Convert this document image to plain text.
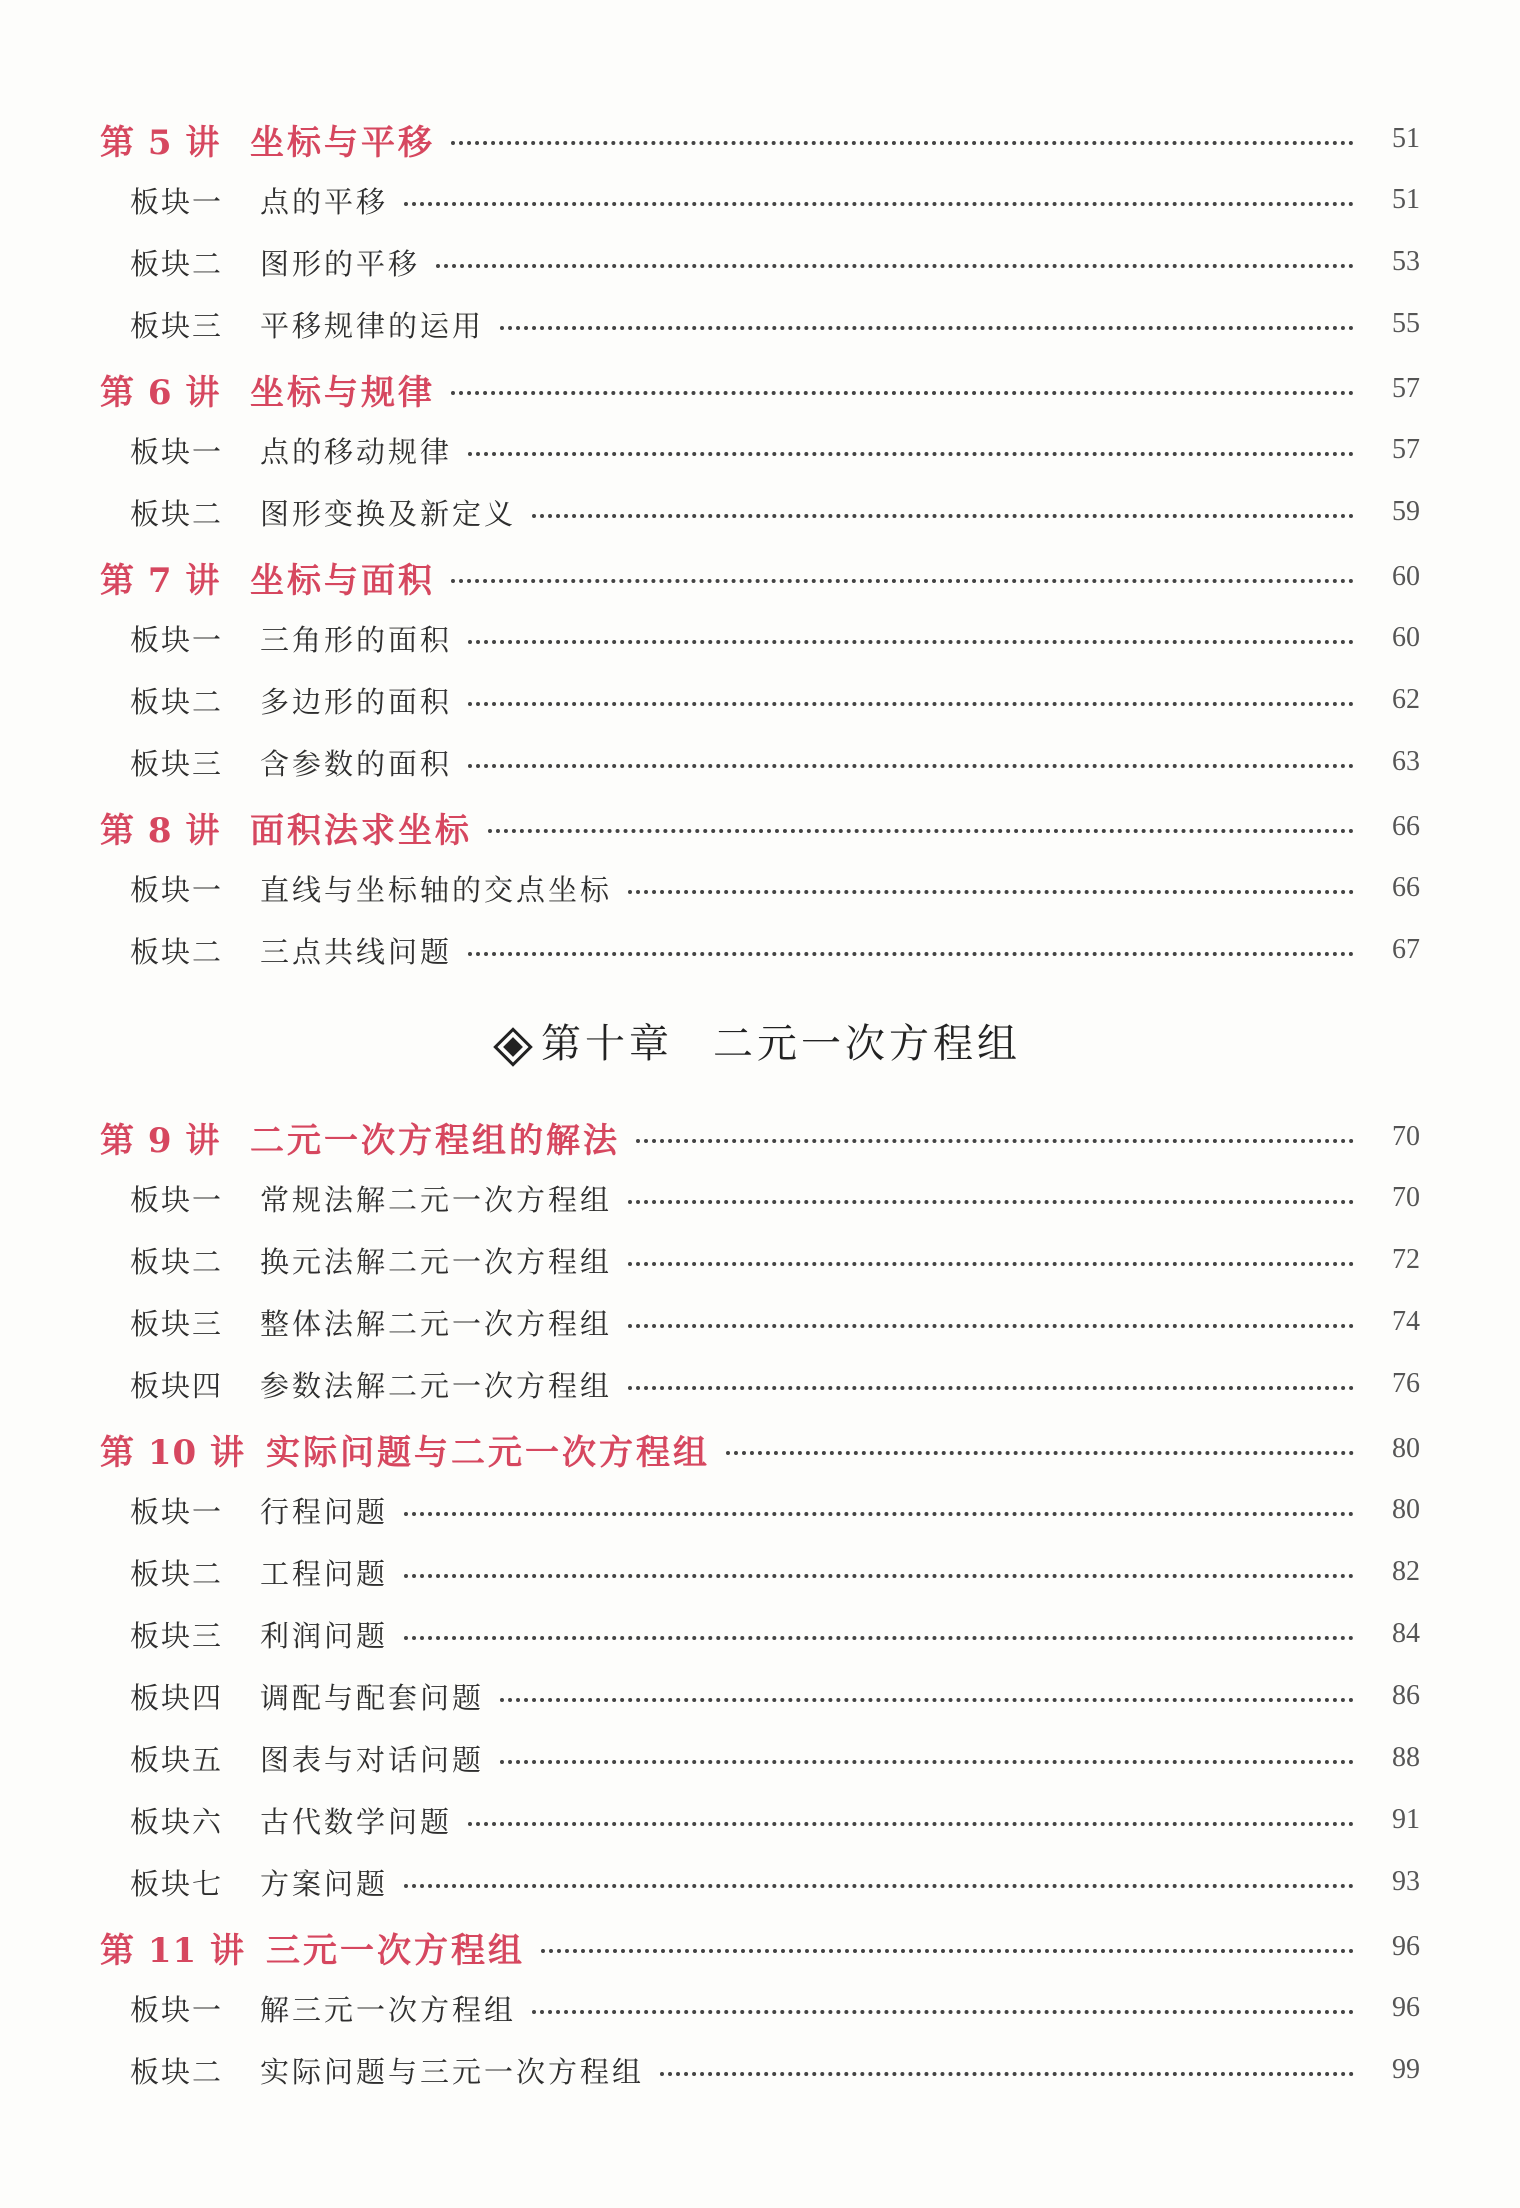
第 5 讲 坐标与平移	51
板块一	点的平移	51
板块二	图形的平移	53
板块三	平移规律的运用	55
第 6 讲 坐标与规律	57
板块一	点的移动规律	57
板块二	图形变换及新定义	59
第 7 讲 坐标与面积	60
板块一	三角形的面积	60
板块二	多边形的面积	62
板块三	含参数的面积	63
第 8 讲 面积法求坐标	66
板块一	直线与坐标轴的交点坐标	66
板块二	三点共线问题	67
第十章 二元一次方程组
第 9 讲 二元一次方程组的解法	70
板块一	常规法解二元一次方程组	70
板块二	换元法解二元一次方程组	72
板块三	整体法解二元一次方程组	74
板块四	参数法解二元一次方程组	76
第 10 讲 实际问题与二元一次方程组	80
板块一	行程问题	80
板块二	工程问题	82
板块三	利润问题	84
板块四	调配与配套问题	86
板块五	图表与对话问题	88
板块六	古代数学问题	91
板块七	方案问题	93
第 11 讲 三元一次方程组	96
板块一	解三元一次方程组	96
板块二	实际问题与三元一次方程组	99
